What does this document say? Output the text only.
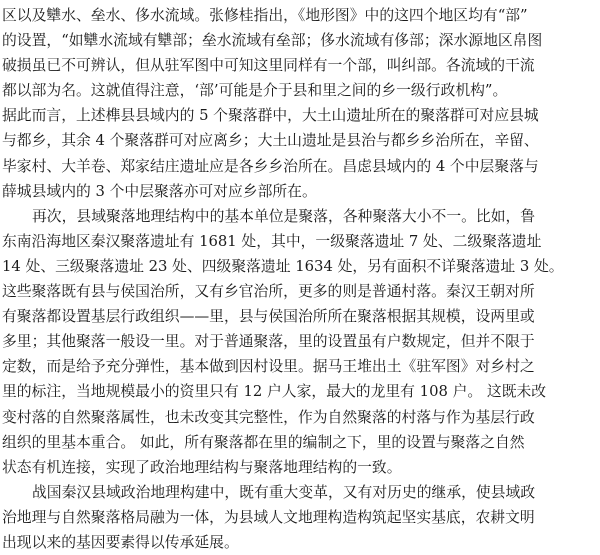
区以及犫水、垒水、侈水流域。张修桂指出，《地形图》中的这四个地区均有“部”
的设置，“如犫水流域有犫部；垒水流域有垒部；侈水流域有侈部；深水源地区帛图
破损虽已不可辨认，但从驻军图中可知这里同样有一个部，叫纠部。各流域的干流
都以部为名。这就值得注意，‘部’可能是介于县和里之间的乡一级行政机构”。
据此而言，上述榫县县域内的 5 个聚落群中，大土山遗址所在的聚落群可对应县城
与都乡，其余 4 个聚落群可对应离乡；大土山遗址是县治与都乡乡治所在，辛留、
毕家村、大羊卷、郑家结庄遗址应是各乡乡治所在。昌虑县域内的 4 个中层聚落与
薛城县域内的 3 个中层聚落亦可对应乡部所在。
再次，县域聚落地理结构中的基本单位是聚落，各种聚落大小不一。比如，鲁
东南沿海地区秦汉聚落遗址有 1681 处，其中，一级聚落遗址 7 处、二级聚落遗址
14 处、三级聚落遗址 23 处、四级聚落遗址 1634 处，另有面积不详聚落遗址 3 处。
这些聚落既有县与侯国治所，又有乡官治所，更多的则是普通村落。秦汉王朝对所
有聚落都设置基层行政组织——里，县与侯国治所所在聚落根据其规模，设两里或
多里；其他聚落一般设一里。对于普通聚落，里的设置虽有户数规定，但并不限于
定数，而是给予充分弹性，基本做到因村设里。据马王堆出土《驻军图》对乡村之
里的标注，当地规模最小的资里只有 12 户人家，最大的龙里有 108 户。 这既未改
变村落的自然聚落属性，也未改变其完整性，作为自然聚落的村落与作为基层行政
组织的里基本重合。 如此，所有聚落都在里的编制之下，里的设置与聚落之自然
状态有机连接，实现了政治地理结构与聚落地理结构的一致。
战国秦汉县域政治地理构建中，既有重大变革，又有对历史的继承，使县域政
治地理与自然聚落格局融为一体，为县域人文地理构造构筑起坚实基底，农耕文明
出现以来的基因要素得以传承延展。
